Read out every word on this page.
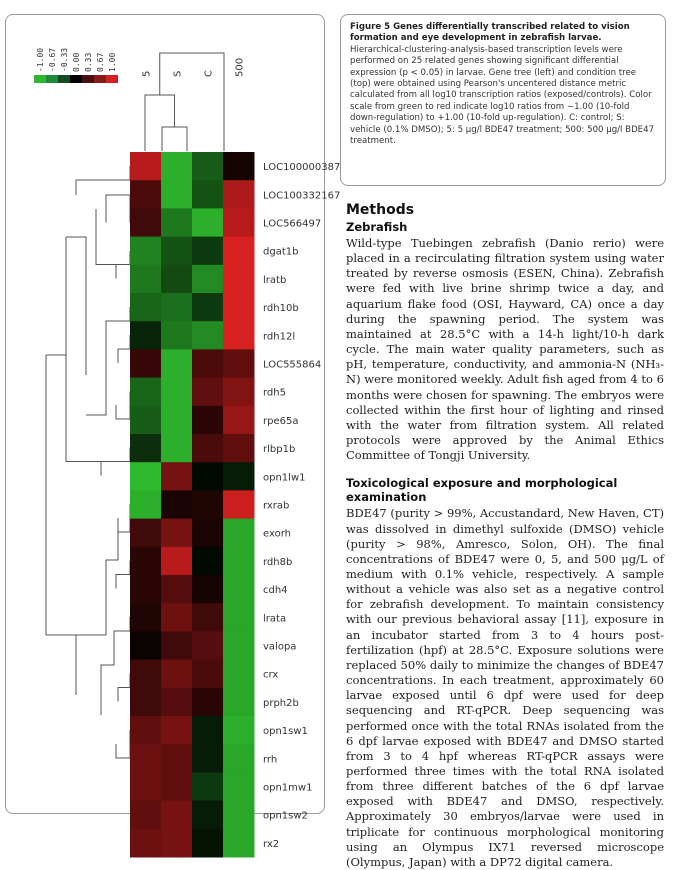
-1.00 -0.67 -0.33 0.00 0.33 0.67 1.00
5 S C 500
LOC100000387
LOC100332167
LOC566497
dgat1b
lratb
rdh10b
rdh12l
LOC555864
rdh5
rpe65a
rlbp1b
opn1lw1
rxrab
exorh
rdh8b
cdh4
lrata
valopa
crx
prph2b
opn1sw1
rrh
opn1mw1
opn1sw2
rx2
Figure 5 Genes differentially transcribed related to vision formation and eye development in zebrafish larvae. Hierarchical-clustering-analysis-based transcription levels were performed on 25 related genes showing significant differential expression (p < 0.05) in larvae. Gene tree (left) and condition tree (top) were obtained using Pearson's uncentered distance metric calculated from all log10 transcription ratios (exposed/controls). Color scale from green to red indicate log10 ratios from −1.00 (10-fold down-regulation) to +1.00 (10-fold up-regulation). C: control; S: vehicle (0.1% DMSO); 5: 5 μg/l BDE47 treatment; 500: 500 μg/l BDE47 treatment.
Methods
Zebrafish

Wild-type Tuebingen zebrafish (Danio rerio) were placed in a recirculating filtration system using water treated by reverse osmosis (ESEN, China). Zebrafish were fed with live brine shrimp twice a day, and aquarium flake food (OSI, Hayward, CA) once a day during the spawning period. The system was maintained at 28.5°C with a 14-h light/10-h dark cycle. The main water quality parameters, such as pH, temperature, conductivity, and ammonia-N (NH₃-N) were monitored weekly. Adult fish aged from 4 to 6 months were chosen for spawning. The embryos were collected within the first hour of lighting and rinsed with the water from filtration system. All related protocols were approved by the Animal Ethics Committee of Tongji University.

Toxicological exposure and morphological examination

BDE47 (purity > 99%, Accustandard, New Haven, CT) was dissolved in dimethyl sulfoxide (DMSO) vehicle (purity > 98%, Amresco, Solon, OH). The final concentrations of BDE47 were 0, 5, and 500 μg/L of medium with 0.1% vehicle, respectively. A sample without a vehicle was also set as a negative control for zebrafish development. To maintain consistency with our previous behavioral assay [11], exposure in an incubator started from 3 to 4 hours post-fertilization (hpf) at 28.5°C. Exposure solutions were replaced 50% daily to minimize the changes of BDE47 concentrations. In each treatment, approximately 60 larvae exposed until 6 dpf were used for deep sequencing and RT-qPCR. Deep sequencing was performed once with the total RNAs isolated from the 6 dpf larvae exposed with BDE47 and DMSO started from 3 to 4 hpf whereas RT-qPCR assays were performed three times with the total RNA isolated from three different batches of the 6 dpf larvae exposed with BDE47 and DMSO, respectively. Approximately 30 embryos/larvae were used in triplicate for continuous morphological monitoring using an Olympus IX71 reversed microscope (Olympus, Japan) with a DP72 digital camera.
